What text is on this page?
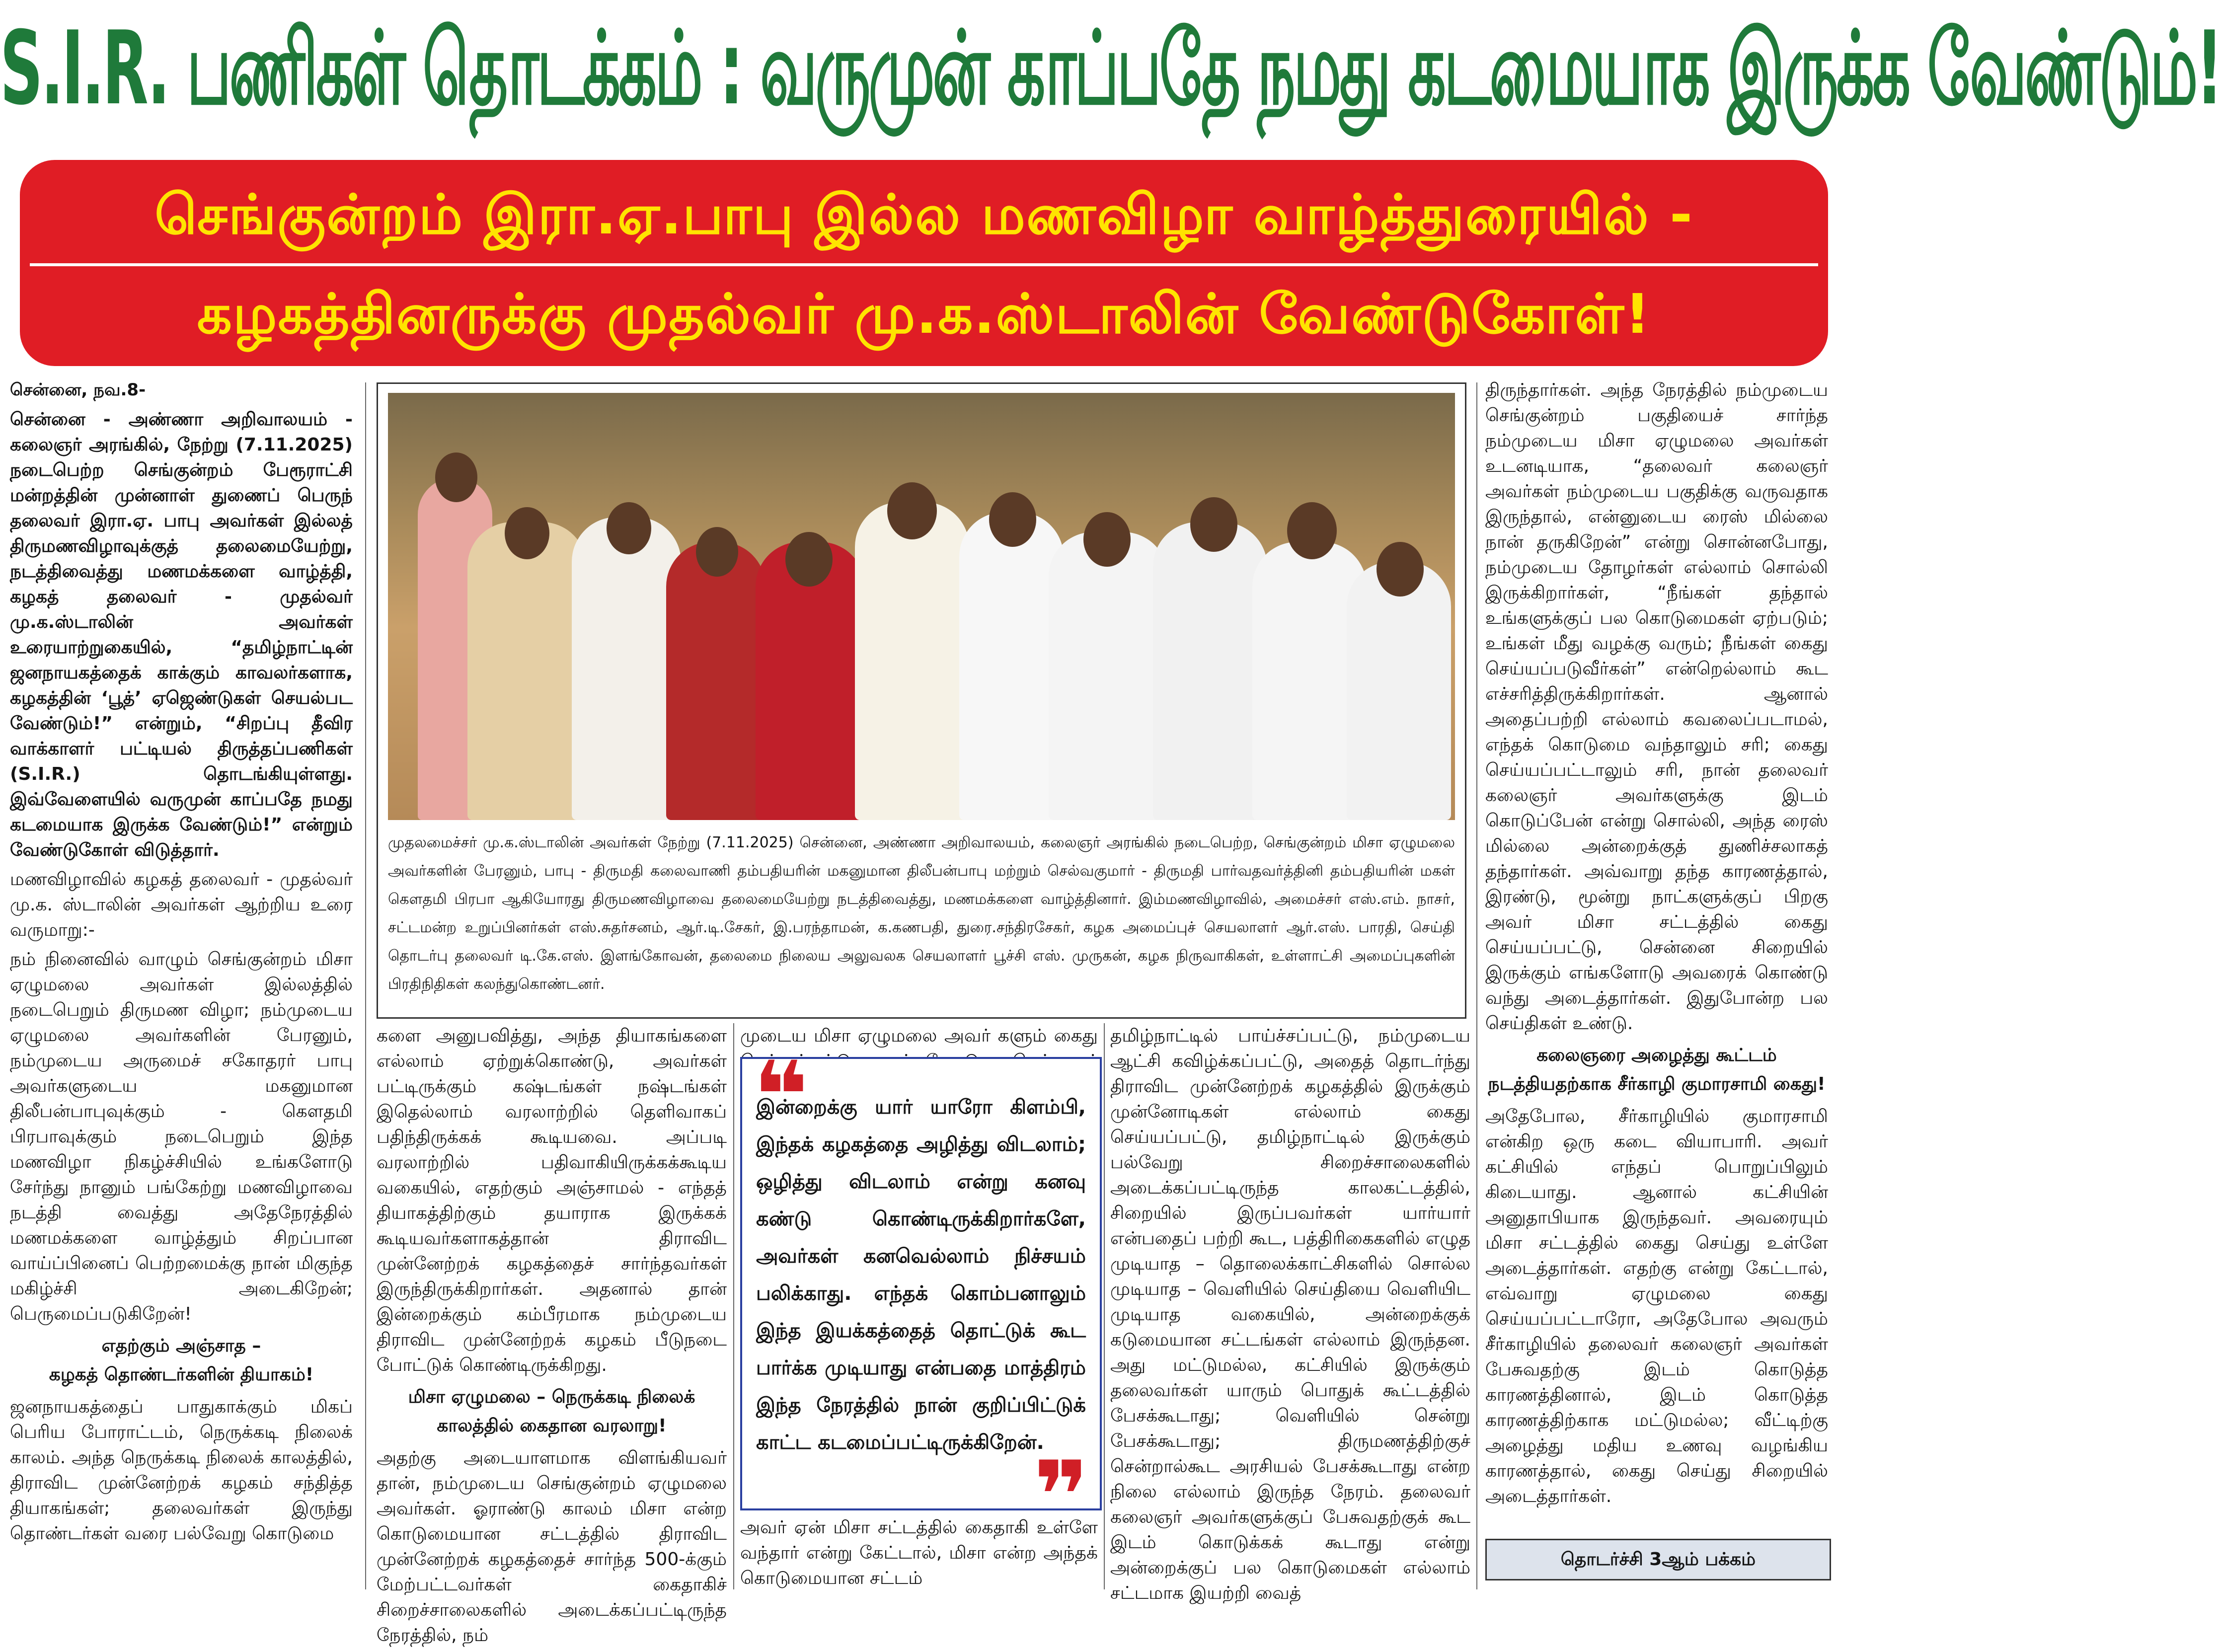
S.I.R. பணிகள் தொடக்கம் : வருமுன் காப்பதே நமது கடமையாக இருக்க வேண்டும்!
செங்குன்றம் இரா.ஏ.பாபு இல்ல மணவிழா வாழ்த்துரையில் -
கழகத்தினருக்கு முதல்வர் மு.க.ஸ்டாலின் வேண்டுகோள்!

சென்னை, நவ.8-

சென்னை - அண்ணா அறிவாலயம் - கலைஞர் அரங்கில், நேற்று (7.11.2025) நடைபெற்ற செங்குன்றம் பேரூராட்சி மன்றத்தின் முன்னாள் துணைப் பெருந் தலைவர் இரா.ஏ. பாபு அவர்கள் இல்லத் திருமணவிழாவுக்குத் தலைமையேற்று, நடத்திவைத்து மணமக்களை வாழ்த்தி, கழகத் தலைவர் - முதல்வர் மு.க.ஸ்டாலின் அவர்கள் உரையாற்றுகையில், “தமிழ்நாட்டின் ஜனநாயகத்தைக் காக்கும் காவலர்களாக, கழகத்தின் ‘பூத்’ ஏஜெண்டுகள் செயல்பட வேண்டும்!” என்றும், “சிறப்பு தீவிர வாக்காளர் பட்டியல் திருத்தப்பணிகள் (S.I.R.) தொடங்கியுள்ளது. இவ்வேளையில் வருமுன் காப்பதே நமது கடமையாக இருக்க வேண்டும்!” என்றும் வேண்டுகோள் விடுத்தார்.

மணவிழாவில் கழகத் தலைவர் - முதல்வர் மு.க. ஸ்டாலின் அவர்கள் ஆற்றிய உரை வருமாறு:-

நம் நினைவில் வாழும் செங்குன்றம் மிசா ஏழுமலை அவர்கள் இல்லத்தில் நடைபெறும் திருமண விழா; நம்முடைய ஏழுமலை அவர்களின் பேரனும், நம்முடைய அருமைச் சகோதரர் பாபு அவர்களுடைய மகனுமான திலீபன்பாபுவுக்கும் - கௌதமி பிரபாவுக்கும் நடைபெறும் இந்த மணவிழா நிகழ்ச்சியில் உங்களோடு சேர்ந்து நானும் பங்கேற்று மணவிழாவை நடத்தி வைத்து அதேநேரத்தில் மணமக்களை வாழ்த்தும் சிறப்பான வாய்ப்பினைப் பெற்றமைக்கு நான் மிகுந்த மகிழ்ச்சி அடைகிறேன்; பெருமைப்படுகிறேன்!

எதற்கும் அஞ்சாத –
கழகத் தொண்டர்களின் தியாகம்!

ஜனநாயகத்தைப் பாதுகாக்கும் மிகப் பெரிய போராட்டம், நெருக்கடி நிலைக் காலம். அந்த நெருக்கடி நிலைக் காலத்தில், திராவிட முன்னேற்றக் கழகம் சந்தித்த தியாகங்கள்; தலைவர்கள் இருந்து தொண்டர்கள் வரை பல்வேறு கொடுமை

முதலமைச்சர் மு.க.ஸ்டாலின் அவர்கள் நேற்று (7.11.2025) சென்னை, அண்ணா அறிவாலயம், கலைஞர் அரங்கில் நடைபெற்ற, செங்குன்றம் மிசா ஏழுமலை அவர்களின் பேரனும், பாபு - திருமதி கலைவாணி தம்பதியரின் மகனுமான திலீபன்பாபு மற்றும் செல்வகுமார் - திருமதி பார்வதவர்த்தினி தம்பதியரின் மகள் கௌதமி பிரபா ஆகியோரது திருமணவிழாவை தலைமையேற்று நடத்திவைத்து, மணமக்களை வாழ்த்தினார். இம்மணவிழாவில், அமைச்சர் எஸ்.எம். நாசர், சட்டமன்ற உறுப்பினர்கள் எஸ்.சுதர்சனம், ஆர்.டி.சேகர், இ.பரந்தாமன், க.கணபதி, துரை.சந்திரசேகர், கழக அமைப்புச் செயலாளர் ஆர்.எஸ். பாரதி, செய்தி தொடர்பு தலைவர் டி.கே.எஸ். இளங்கோவன், தலைமை நிலைய அலுவலக செயலாளர் பூச்சி எஸ். முருகன், கழக நிருவாகிகள், உள்ளாட்சி அமைப்புகளின் பிரதிநிதிகள் கலந்துகொண்டனர்.

களை அனுபவித்து, அந்த தியாகங்களை எல்லாம் ஏற்றுக்கொண்டு, அவர்கள் பட்டிருக்கும் கஷ்டங்கள் நஷ்டங்கள் இதெல்லாம் வரலாற்றில் தெளிவாகப் பதிந்திருக்கக் கூடியவை. அப்படி வரலாற்றில் பதிவாகியிருக்கக்கூடிய வகையில், எதற்கும் அஞ்சாமல் - எந்தத் தியாகத்திற்கும் தயாராக இருக்கக் கூடியவர்களாகத்தான் திராவிட முன்னேற்றக் கழகத்தைச் சார்ந்தவர்கள் இருந்திருக்கிறார்கள். அதனால் தான் இன்றைக்கும் கம்பீரமாக நம்முடைய திராவிட முன்னேற்றக் கழகம் பீடுநடை போட்டுக் கொண்டிருக்கிறது.

மிசா ஏழுமலை – நெருக்கடி நிலைக்
காலத்தில் கைதான வரலாறு!

அதற்கு அடையாளமாக விளங்கியவர் தான், நம்முடைய செங்குன்றம் ஏழுமலை அவர்கள். ஓராண்டு காலம் மிசா என்ற கொடுமையான சட்டத்தில் திராவிட முன்னேற்றக் கழகத்தைச் சார்ந்த 500-க்கும் மேற்பட்டவர்கள் கைதாகிச் சிறைச்சாலைகளில் அடைக்கப்பட்டிருந்த நேரத்தில், நம்

முடைய மிசா ஏழுமலை அவர் களும் கைது

❝
இன்றைக்கு யார் யாரோ கிளம்பி, இந்தக் கழகத்தை அழித்து விடலாம்; ஒழித்து விடலாம் என்று கனவு கண்டு கொண்டிருக்கிறார்களே, அவர்கள் கனவெல்லாம் நிச்சயம் பலிக்காது. எந்தக் கொம்பனாலும் இந்த இயக்கத்தைத் தொட்டுக் கூட பார்க்க முடியாது என்பதை மாத்திரம் இந்த நேரத்தில் நான் குறிப்பிட்டுக் காட்ட கடமைப்பட்டிருக்கிறேன்.
❞

அவர் ஏன் மிசா சட்டத்தில் கைதாகி உள்ளே வந்தார் என்று கேட்டால், மிசா என்ற அந்தக் கொடுமையான சட்டம்

தமிழ்நாட்டில் பாய்ச்சப்பட்டு, நம்முடைய ஆட்சி கவிழ்க்கப்பட்டு, அதைத் தொடர்ந்து திராவிட முன்னேற்றக் கழகத்தில் இருக்கும் முன்னோடிகள் எல்லாம் கைது செய்யப்பட்டு, தமிழ்நாட்டில் இருக்கும் பல்வேறு சிறைச்சாலைகளில் அடைக்கப்பட்டிருந்த காலகட்டத்தில், சிறையில் இருப்பவர்கள் யார்யார் என்பதைப் பற்றி கூட, பத்திரிகைகளில் எழுத முடியாத – தொலைக்காட்சிகளில் சொல்ல முடியாத – வெளியில் செய்தியை வெளியிட முடியாத வகையில், அன்றைக்குக் கடுமையான சட்டங்கள் எல்லாம் இருந்தன. அது மட்டுமல்ல, கட்சியில் இருக்கும் தலைவர்கள் யாரும் பொதுக் கூட்டத்தில் பேசக்கூடாது; வெளியில் சென்று பேசக்கூடாது; திருமணத்திற்குச் சென்றால்கூட அரசியல் பேசக்கூடாது என்ற நிலை எல்லாம் இருந்த நேரம். தலைவர் கலைஞர் அவர்களுக்குப் பேசுவதற்குக் கூட இடம் கொடுக்கக் கூடாது என்று அன்றைக்குப் பல கொடுமைகள் எல்லாம் சட்டமாக இயற்றி வைத்

திருந்தார்கள். அந்த நேரத்தில் நம்முடைய செங்குன்றம் பகுதியைச் சார்ந்த நம்முடைய மிசா ஏழுமலை அவர்கள் உடனடியாக, “தலைவர் கலைஞர் அவர்கள் நம்முடைய பகுதிக்கு வருவதாக இருந்தால், என்னுடைய ரைஸ் மில்லை நான் தருகிறேன்” என்று சொன்னபோது, நம்முடைய தோழர்கள் எல்லாம் சொல்லி இருக்கிறார்கள், “நீங்கள் தந்தால் உங்களுக்குப் பல கொடுமைகள் ஏற்படும்; உங்கள் மீது வழக்கு வரும்; நீங்கள் கைது செய்யப்படுவீர்கள்” என்றெல்லாம் கூட எச்சரித்திருக்கிறார்கள். ஆனால் அதைப்பற்றி எல்லாம் கவலைப்படாமல், எந்தக் கொடுமை வந்தாலும் சரி; கைது செய்யப்பட்டாலும் சரி, நான் தலைவர் கலைஞர் அவர்களுக்கு இடம் கொடுப்பேன் என்று சொல்லி, அந்த ரைஸ் மில்லை அன்றைக்குத் துணிச்சலாகத் தந்தார்கள். அவ்வாறு தந்த காரணத்தால், இரண்டு, மூன்று நாட்களுக்குப் பிறகு அவர் மிசா சட்டத்தில் கைது செய்யப்பட்டு, சென்னை சிறையில் இருக்கும் எங்களோடு அவரைக் கொண்டு வந்து அடைத்தார்கள். இதுபோன்ற பல செய்திகள் உண்டு.

கலைஞரை அழைத்து கூட்டம்
நடத்தியதற்காக சீர்காழி குமாரசாமி கைது!

அதேபோல, சீர்காழியில் குமாரசாமி என்கிற ஒரு கடை வியாபாரி. அவர் கட்சியில் எந்தப் பொறுப்பிலும் கிடையாது. ஆனால் கட்சியின் அனுதாபியாக இருந்தவர். அவரையும் மிசா சட்டத்தில் கைது செய்து உள்ளே அடைத்தார்கள். எதற்கு என்று கேட்டால், எவ்வாறு ஏழுமலை கைது செய்யப்பட்டாரோ, அதேபோல அவரும் சீர்காழியில் தலைவர் கலைஞர் அவர்கள் பேசுவதற்கு இடம் கொடுத்த காரணத்தினால், இடம் கொடுத்த காரணத்திற்காக மட்டுமல்ல; வீட்டிற்கு அழைத்து மதிய உணவு வழங்கிய காரணத்தால், கைது செய்து சிறையில் அடைத்தார்கள்.

தொடர்ச்சி 3ஆம் பக்கம்
